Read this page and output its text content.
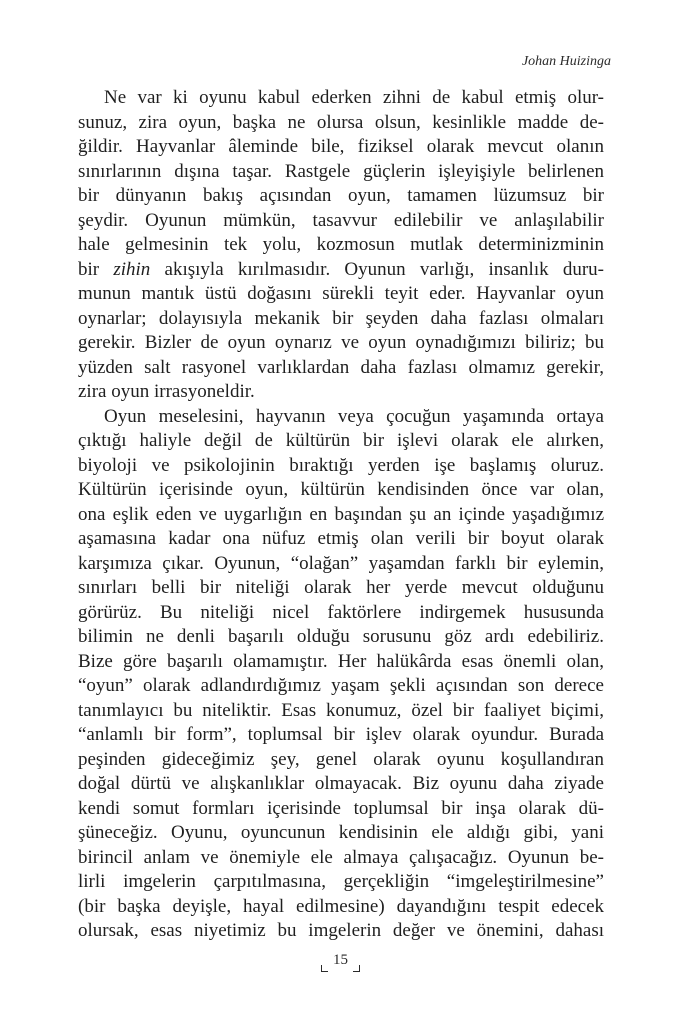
Johan Huizinga
Ne var ki oyunu kabul ederken zihni de kabul etmiş olur-
sunuz, zira oyun, başka ne olursa olsun, kesinlikle madde de-
ğildir. Hayvanlar âleminde bile, fiziksel olarak mevcut olanın
sınırlarının dışına taşar. Rastgele güçlerin işleyişiyle belirlenen
bir dünyanın bakış açısından oyun, tamamen lüzumsuz bir
şeydir. Oyunun mümkün, tasavvur edilebilir ve anlaşılabilir
hale gelmesinin tek yolu, kozmosun mutlak determinizminin
bir zihin akışıyla kırılmasıdır. Oyunun varlığı, insanlık duru-
munun mantık üstü doğasını sürekli teyit eder. Hayvanlar oyun
oynarlar; dolayısıyla mekanik bir şeyden daha fazlası olmaları
gerekir. Bizler de oyun oynarız ve oyun oynadığımızı biliriz; bu
yüzden salt rasyonel varlıklardan daha fazlası olmamız gerekir,
zira oyun irrasyoneldir.
Oyun meselesini, hayvanın veya çocuğun yaşamında ortaya
çıktığı haliyle değil de kültürün bir işlevi olarak ele alırken,
biyoloji ve psikolojinin bıraktığı yerden işe başlamış oluruz.
Kültürün içerisinde oyun, kültürün kendisinden önce var olan,
ona eşlik eden ve uygarlığın en başından şu an içinde yaşadığımız
aşamasına kadar ona nüfuz etmiş olan verili bir boyut olarak
karşımıza çıkar. Oyunun, “olağan” yaşamdan farklı bir eylemin,
sınırları belli bir niteliği olarak her yerde mevcut olduğunu
görürüz. Bu niteliği nicel faktörlere indirgemek hususunda
bilimin ne denli başarılı olduğu sorusunu göz ardı edebiliriz.
Bize göre başarılı olamamıştır. Her halükârda esas önemli olan,
“oyun” olarak adlandırdığımız yaşam şekli açısından son derece
tanımlayıcı bu niteliktir. Esas konumuz, özel bir faaliyet biçimi,
“anlamlı bir form”, toplumsal bir işlev olarak oyundur. Burada
peşinden gideceğimiz şey, genel olarak oyunu koşullandıran
doğal dürtü ve alışkanlıklar olmayacak. Biz oyunu daha ziyade
kendi somut formları içerisinde toplumsal bir inşa olarak dü-
şüneceğiz. Oyunu, oyuncunun kendisinin ele aldığı gibi, yani
birincil anlam ve önemiyle ele almaya çalışacağız. Oyunun be-
lirli imgelerin çarpıtılmasına, gerçekliğin “imgeleştirilmesine”
(bir başka deyişle, hayal edilmesine) dayandığını tespit edecek
olursak, esas niyetimiz bu imgelerin değer ve önemini, dahası
15
